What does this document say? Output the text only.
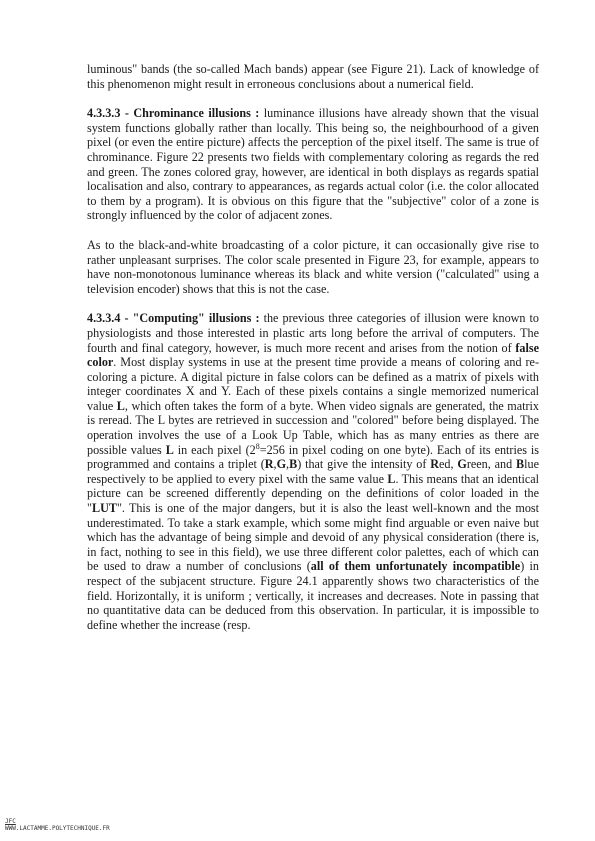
luminous" bands (the so-called Mach bands) appear (see Figure 21). Lack of knowledge of this phenomenon might result in erroneous conclusions about a numerical field.

4.3.3.3 - Chrominance illusions : luminance illusions have already shown that the visual system functions globally rather than locally. This being so, the neighbourhood of a given pixel (or even the entire picture) affects the perception of the pixel itself. The same is true of chrominance. Figure 22 presents two fields with complementary coloring as regards the red and green. The zones colored gray, however, are identical in both displays as regards spatial localisation and also, contrary to appearances, as regards actual color (i.e. the color allocated to them by a program). It is obvious on this figure that the "subjective" color of a zone is strongly influenced by the color of adjacent zones.

As to the black-and-white broadcasting of a color picture, it can occasionally give rise to rather unpleasant surprises. The color scale presented in Figure 23, for example, appears to have non-monotonous luminance whereas its black and white version ("calculated" using a television encoder) shows that this is not the case.

4.3.3.4 - "Computing" illusions : the previous three categories of illusion were known to physiologists and those interested in plastic arts long before the arrival of computers. The fourth and final category, however, is much more recent and arises from the notion of false color. Most display systems in use at the present time provide a means of coloring and re-coloring a picture. A digital picture in false colors can be defined as a matrix of pixels with integer coordinates X and Y. Each of these pixels contains a single memorized numerical value L, which often takes the form of a byte. When video signals are generated, the matrix is reread. The L bytes are retrieved in succession and "colored" before being displayed. The operation involves the use of a Look Up Table, which has as many entries as there are possible values L in each pixel ($2^8=256$ in pixel coding on one byte). Each of its entries is programmed and contains a triplet (R,G,B) that give the intensity of Red, Green, and Blue respectively to be applied to every pixel with the same value L. This means that an identical picture can be screened differently depending on the definitions of color loaded in the "LUT". This is one of the major dangers, but it is also the least well-known and the most underestimated. To take a stark example, which some might find arguable or even naive but which has the advantage of being simple and devoid of any physical consideration (there is, in fact, nothing to see in this field), we use three different color palettes, each of which can be used to draw a number of conclusions (all of them unfortunately incompatible) in respect of the subjacent structure. Figure 24.1 apparently shows two characteristics of the field. Horizontally, it is uniform ; vertically, it increases and decreases. Note in passing that no quantitative data can be deduced from this observation. In particular, it is impossible to define whether the increase (resp.

JFC
WWW.LACTAMME.POLYTECHNIQUE.FR
